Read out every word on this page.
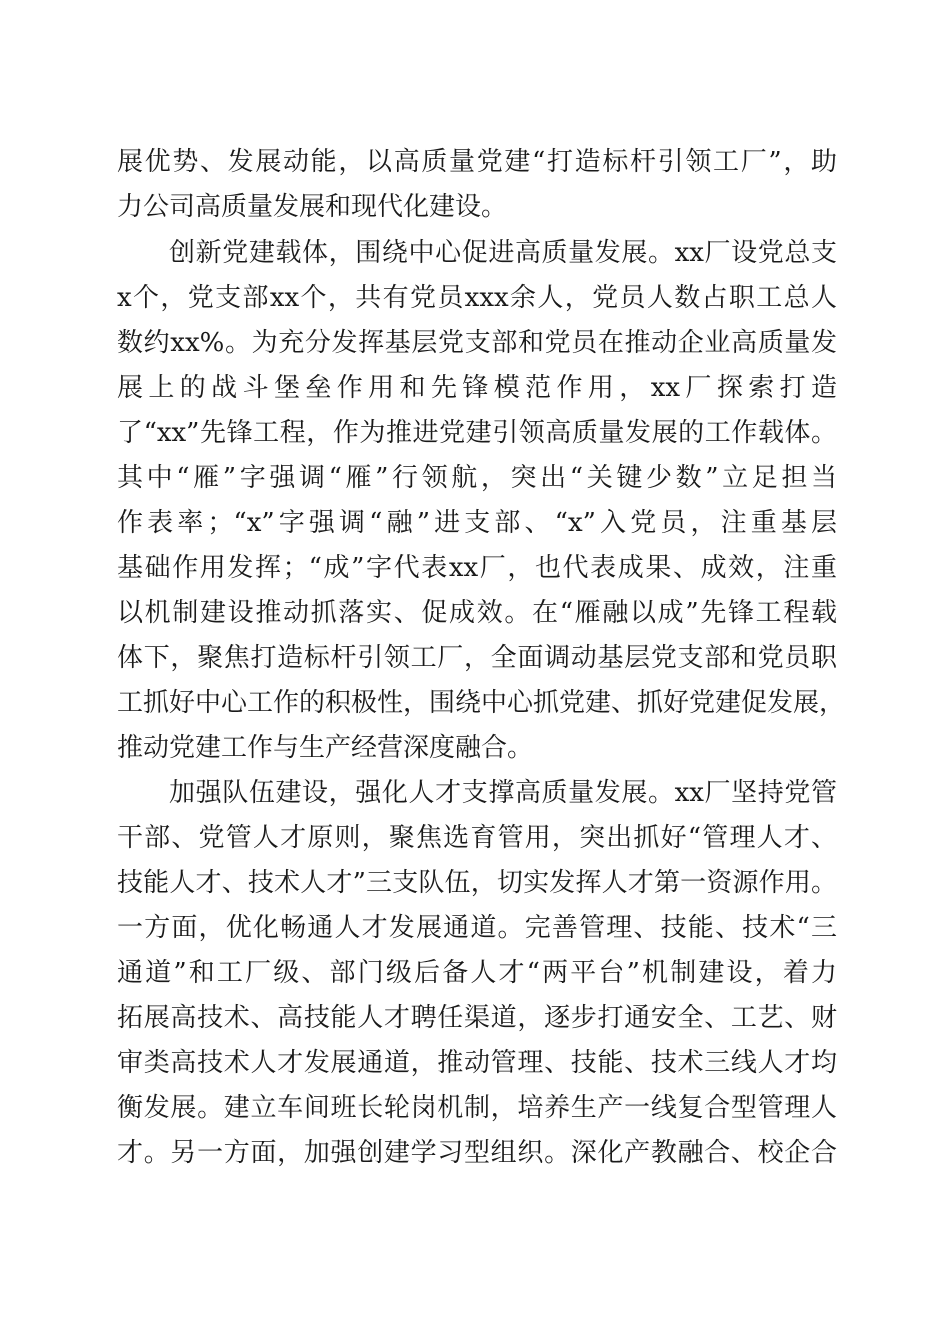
展优势、发展动能，以高质量党建“打造标杆引领工厂”，助
力公司高质量发展和现代化建设。
创新党建载体，围绕中心促进高质量发展。xx厂设党总支
x个，党支部xx个，共有党员xxx余人，党员人数占职工总人
数约xx%。为充分发挥基层党支部和党员在推动企业高质量发
展上的战斗堡垒作用和先锋模范作用，xx厂探索打造
了“xx”先锋工程，作为推进党建引领高质量发展的工作载体。
其中“雁”字强调“雁”行领航，突出“关键少数”立足担当
作表率；“x”字强调“融”进支部、“x”入党员，注重基层
基础作用发挥；“成”字代表xx厂，也代表成果、成效，注重
以机制建设推动抓落实、促成效。在“雁融以成”先锋工程载
体下，聚焦打造标杆引领工厂，全面调动基层党支部和党员职
工抓好中心工作的积极性，围绕中心抓党建、抓好党建促发展，
推动党建工作与生产经营深度融合。
加强队伍建设，强化人才支撑高质量发展。xx厂坚持党管
干部、党管人才原则，聚焦选育管用，突出抓好“管理人才、
技能人才、技术人才”三支队伍，切实发挥人才第一资源作用。
一方面，优化畅通人才发展通道。完善管理、技能、技术“三
通道”和工厂级、部门级后备人才“两平台”机制建设，着力
拓展高技术、高技能人才聘任渠道，逐步打通安全、工艺、财
审类高技术人才发展通道，推动管理、技能、技术三线人才均
衡发展。建立车间班长轮岗机制，培养生产一线复合型管理人
才。另一方面，加强创建学习型组织。深化产教融合、校企合
